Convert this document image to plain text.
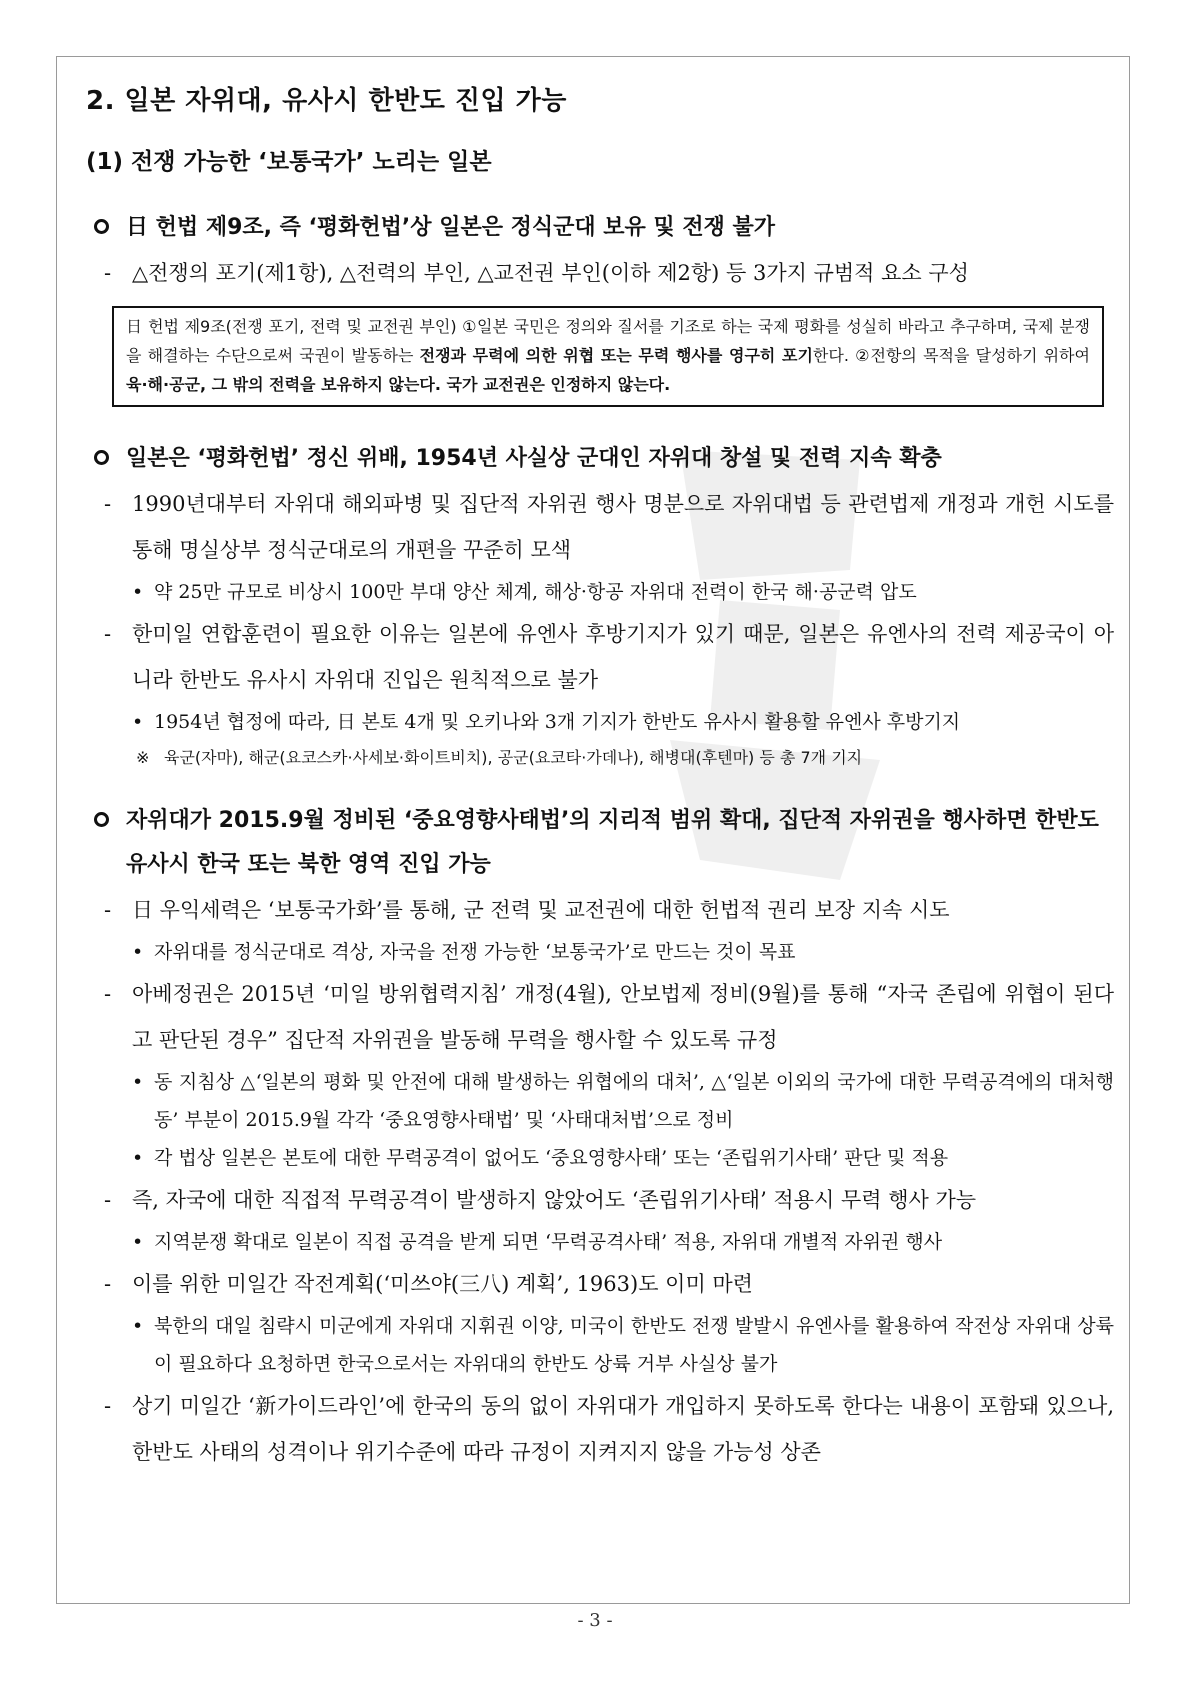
2. 일본 자위대, 유사시 한반도 진입 가능
(1) 전쟁 가능한 ‘보통국가’ 노리는 일본

日 헌법 제9조, 즉 ‘평화헌법’상 일본은 정식군대 보유 및 전쟁 불가

- △전쟁의 포기(제1항), △전력의 부인, △교전권 부인(이하 제2항) 등 3가지 규범적 요소 구성

日 헌법 제9조(전쟁 포기, 전력 및 교전권 부인) ①일본 국민은 정의와 질서를 기조로 하는 국제 평화를 성실히 바라고 추구하며, 국제 분쟁을 해결하는 수단으로써 국권이 발동하는 전쟁과 무력에 의한 위협 또는 무력 행사를 영구히 포기한다. ②전항의 목적을 달성하기 위하여 육·해·공군, 그 밖의 전력을 보유하지 않는다. 국가 교전권은 인정하지 않는다.

일본은 ‘평화헌법’ 정신 위배, 1954년 사실상 군대인 자위대 창설 및 전력 지속 확충

- 1990년대부터 자위대 해외파병 및 집단적 자위권 행사 명분으로 자위대법 등 관련법제 개정과 개헌 시도를 통해 명실상부 정식군대로의 개편을 꾸준히 모색

• 약 25만 규모로 비상시 100만 부대 양산 체계, 해상·항공 자위대 전력이 한국 해·공군력 압도

- 한미일 연합훈련이 필요한 이유는 일본에 유엔사 후방기지가 있기 때문, 일본은 유엔사의 전력 제공국이 아니라 한반도 유사시 자위대 진입은 원칙적으로 불가

• 1954년 협정에 따라, 日 본토 4개 및 오키나와 3개 기지가 한반도 유사시 활용할 유엔사 후방기지

※ 육군(자마), 해군(요코스카·사세보·화이트비치), 공군(요코타·가데나), 해병대(후텐마) 등 총 7개 기지

자위대가 2015.9월 정비된 ‘중요영향사태법’의 지리적 범위 확대, 집단적 자위권을 행사하면 한반도 유사시 한국 또는 북한 영역 진입 가능

- 日 우익세력은 ‘보통국가화’를 통해, 군 전력 및 교전권에 대한 헌법적 권리 보장 지속 시도

• 자위대를 정식군대로 격상, 자국을 전쟁 가능한 ‘보통국가’로 만드는 것이 목표

- 아베정권은 2015년 ‘미일 방위협력지침’ 개정(4월), 안보법제 정비(9월)를 통해 “자국 존립에 위협이 된다고 판단된 경우” 집단적 자위권을 발동해 무력을 행사할 수 있도록 규정

• 동 지침상 △‘일본의 평화 및 안전에 대해 발생하는 위협에의 대처’, △‘일본 이외의 국가에 대한 무력공격에의 대처행동’ 부분이 2015.9월 각각 ‘중요영향사태법’ 및 ‘사태대처법’으로 정비

• 각 법상 일본은 본토에 대한 무력공격이 없어도 ‘중요영향사태’ 또는 ‘존립위기사태’ 판단 및 적용

- 즉, 자국에 대한 직접적 무력공격이 발생하지 않았어도 ‘존립위기사태’ 적용시 무력 행사 가능

• 지역분쟁 확대로 일본이 직접 공격을 받게 되면 ‘무력공격사태’ 적용, 자위대 개별적 자위권 행사

- 이를 위한 미일간 작전계획(‘미쓰야(三八) 계획’, 1963)도 이미 마련

• 북한의 대일 침략시 미군에게 자위대 지휘권 이양, 미국이 한반도 전쟁 발발시 유엔사를 활용하여 작전상 자위대 상륙이 필요하다 요청하면 한국으로서는 자위대의 한반도 상륙 거부 사실상 불가

- 상기 미일간 ‘新가이드라인’에 한국의 동의 없이 자위대가 개입하지 못하도록 한다는 내용이 포함돼 있으나, 한반도 사태의 성격이나 위기수준에 따라 규정이 지켜지지 않을 가능성 상존

- 3 -
